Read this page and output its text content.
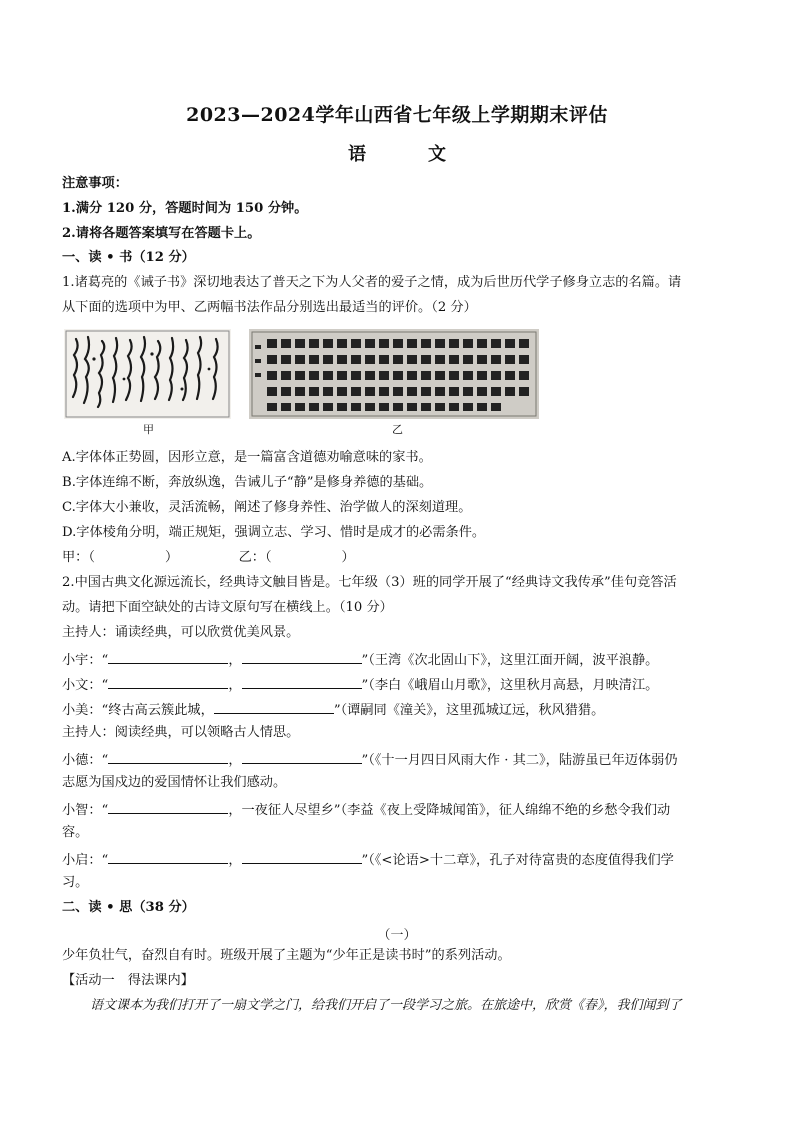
2023—2024学年山西省七年级上学期期末评估
语　文
注意事项：
1.满分 120 分，答题时间为 150 分钟。
2.请将各题答案填写在答题卡上。
一、读 • 书（12 分）
1.诸葛亮的《诫子书》深切地表达了普天之下为人父者的爱子之情，成为后世历代学子修身立志的名篇。请
从下面的选项中为甲、乙两幅书法作品分别选出最适当的评价。（2 分）
甲	乙
A.字体体正势圆，因形立意，是一篇富含道德劝喻意味的家书。
B.字体连绵不断，奔放纵逸，告诫儿子“静”是修身养德的基础。
C.字体大小兼收，灵活流畅，阐述了修身养性、治学做人的深刻道理。
D.字体棱角分明，端正规矩，强调立志、学习、惜时是成才的必需条件。
甲：（	）	乙：（	）
2.中国古典文化源远流长，经典诗文触目皆是。七年级（3）班的同学开展了“经典诗文我传承”佳句竞答活
动。请把下面空缺处的古诗文原句写在横线上。（10 分）
主持人：诵读经典，可以欣赏优美风景。
小宇：“	，	”（王湾《次北固山下》，这里江面开阔，波平浪静。
小文：“	，	”（李白《峨眉山月歌》，这里秋月高悬，月映清江。
小美：“终古高云簇此城，	”（谭嗣同《潼关》，这里孤城辽远，秋风猎猎。
主持人：阅读经典，可以领略古人情思。
小德：“	，	”（《十一月四日风雨大作 · 其二》，陆游虽已年迈体弱仍
志愿为国戍边的爱国情怀让我们感动。
小智：“	，一夜征人尽望乡”（李益《夜上受降城闻笛》，征人绵绵不绝的乡愁令我们动
容。
小启：“	，	”（《<论语>十二章》，孔子对待富贵的态度值得我们学
习。
二、读 • 思（38 分）
（一）
少年负壮气，奋烈自有时。班级开展了主题为“少年正是读书时”的系列活动。
【活动一　得法课内】
语文课本为我们打开了一扇文学之门，给我们开启了一段学习之旅。在旅途中，欣赏《春》，我们闻到了
